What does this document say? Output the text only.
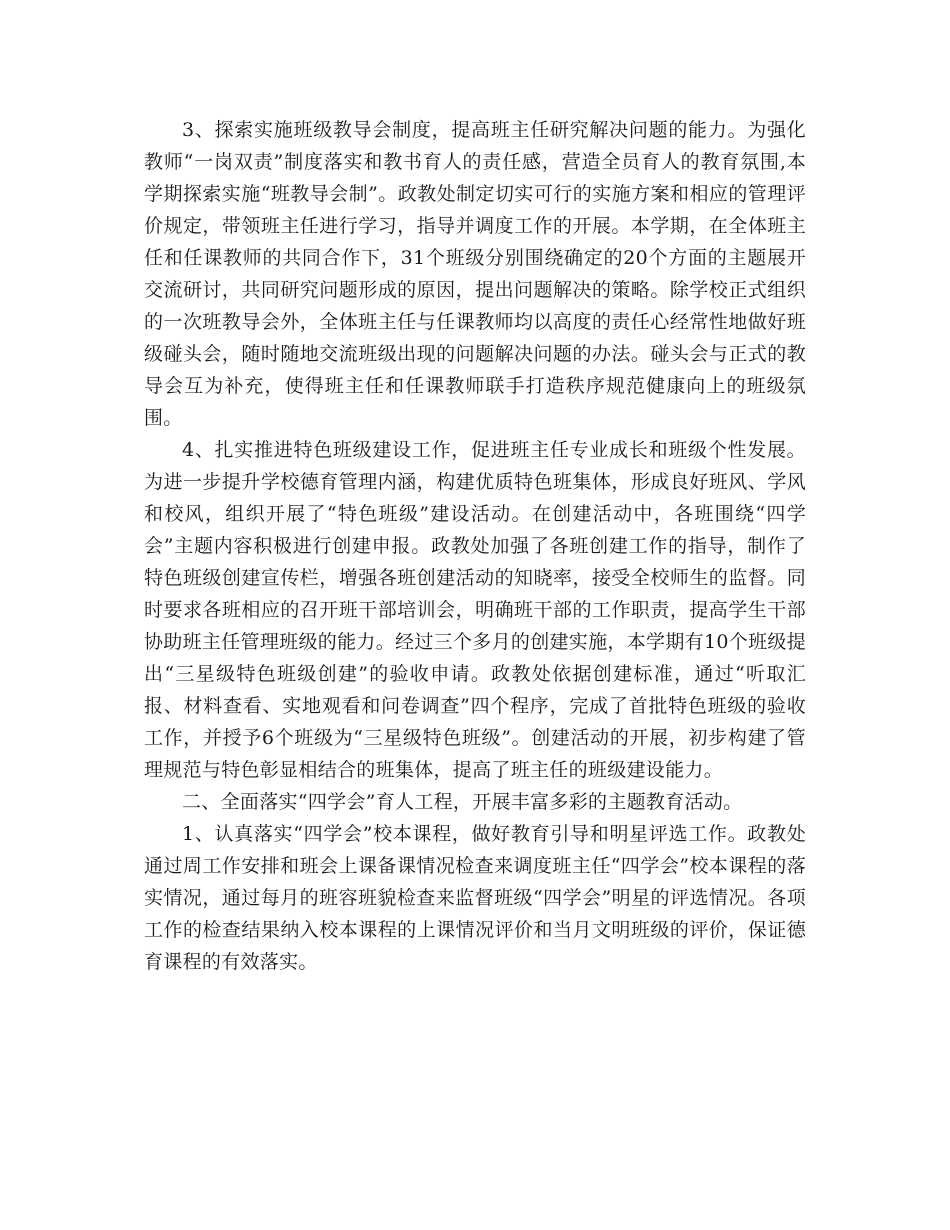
3、探索实施班级教导会制度，提高班主任研究解决问题的能力。为强化教师“一岗双责”制度落实和教书育人的责任感，营造全员育人的教育氛围,本学期探索实施“班教导会制”。政教处制定切实可行的实施方案和相应的管理评价规定，带领班主任进行学习，指导并调度工作的开展。本学期，在全体班主任和任课教师的共同合作下，31个班级分别围绕确定的20个方面的主题展开交流研讨，共同研究问题形成的原因，提出问题解决的策略。除学校正式组织的一次班教导会外，全体班主任与任课教师均以高度的责任心经常性地做好班级碰头会，随时随地交流班级出现的问题解决问题的办法。碰头会与正式的教导会互为补充，使得班主任和任课教师联手打造秩序规范健康向上的班级氛围。

4、扎实推进特色班级建设工作，促进班主任专业成长和班级个性发展。为进一步提升学校德育管理内涵，构建优质特色班集体，形成良好班风、学风和校风，组织开展了“特色班级”建设活动。在创建活动中，各班围绕“四学会”主题内容积极进行创建申报。政教处加强了各班创建工作的指导，制作了特色班级创建宣传栏，增强各班创建活动的知晓率，接受全校师生的监督。同时要求各班相应的召开班干部培训会，明确班干部的工作职责，提高学生干部协助班主任管理班级的能力。经过三个多月的创建实施，本学期有10个班级提出“三星级特色班级创建”的验收申请。政教处依据创建标准，通过“听取汇报、材料查看、实地观看和问卷调查”四个程序，完成了首批特色班级的验收工作，并授予6个班级为“三星级特色班级”。创建活动的开展，初步构建了管理规范与特色彰显相结合的班集体，提高了班主任的班级建设能力。

二、全面落实“四学会”育人工程，开展丰富多彩的主题教育活动。

1、认真落实“四学会”校本课程，做好教育引导和明星评选工作。政教处通过周工作安排和班会上课备课情况检查来调度班主任“四学会”校本课程的落实情况，通过每月的班容班貌检查来监督班级“四学会”明星的评选情况。各项工作的检查结果纳入校本课程的上课情况评价和当月文明班级的评价，保证德育课程的有效落实。
